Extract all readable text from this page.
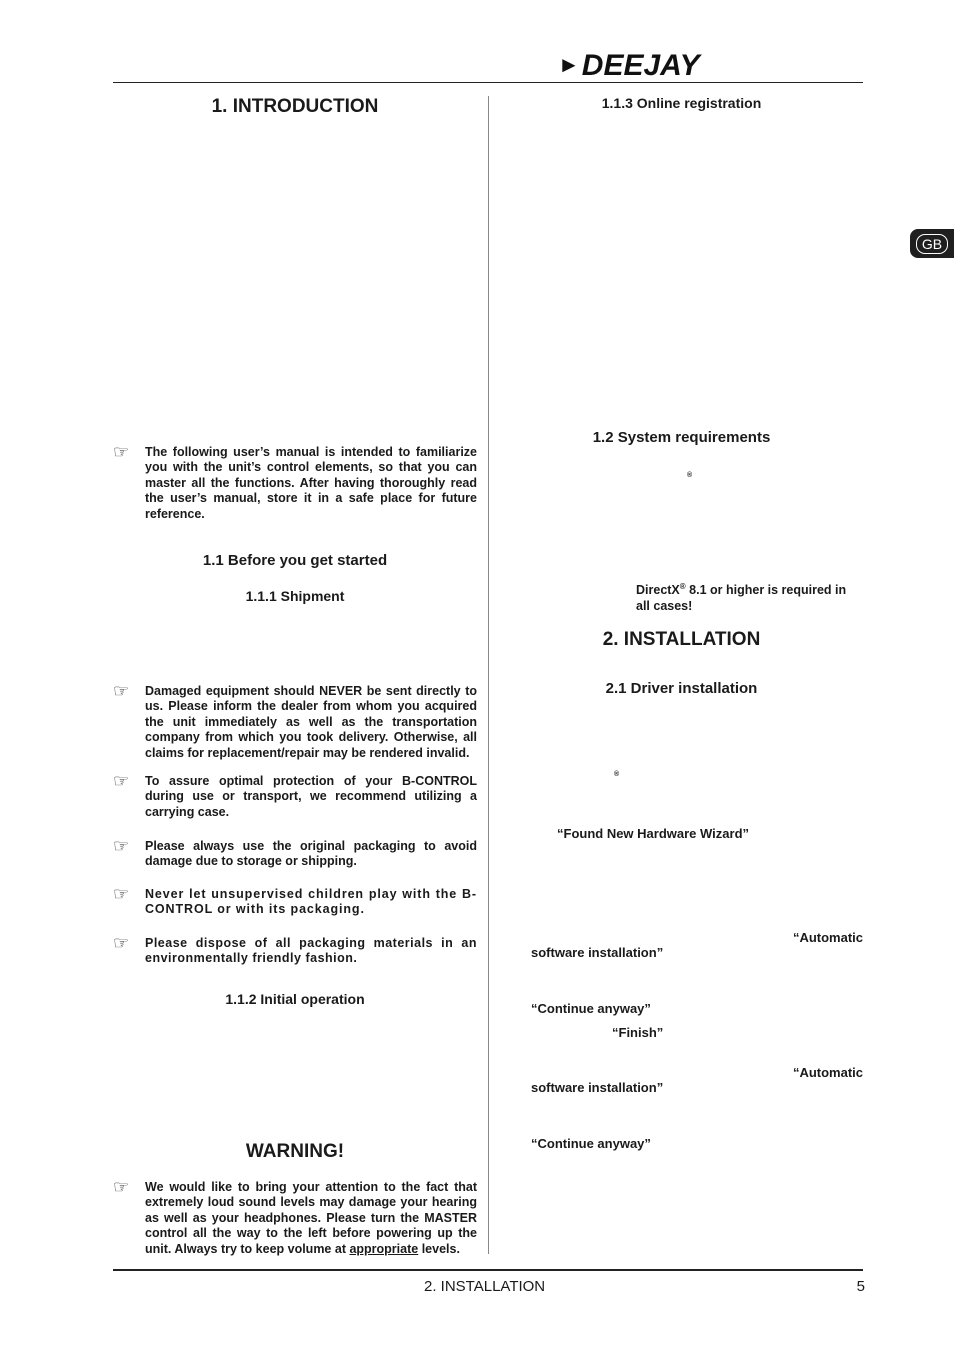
►DEEJAY
GB
1. INTRODUCTION
☞ The following user’s manual is intended to familiarize you with the unit’s control elements, so that you can master all the functions. After having thoroughly read the user’s manual, store it in a safe place for future reference.
1.1 Before you get started
1.1.1 Shipment
☞ Damaged equipment should NEVER be sent directly to us. Please inform the dealer from whom you acquired the unit immediately as well as the transportation company from which you took delivery. Otherwise, all claims for replacement/repair may be rendered invalid.
☞ To assure optimal protection of your B-CONTROL during use or transport, we recommend utilizing a carrying case.
☞ Please always use the original packaging to avoid damage due to storage or shipping.
☞ Never let unsupervised children play with the B-CONTROL or with its packaging.
☞ Please dispose of all packaging materials in an environmentally friendly fashion.
1.1.2 Initial operation
WARNING!
☞ We would like to bring your attention to the fact that extremely loud sound levels may damage your hearing as well as your headphones. Please turn the MASTER control all the way to the left before powering up the unit. Always try to keep volume at appropriate levels.
1.1.3 Online registration
1.2 System requirements
®
DirectX® 8.1 or higher is required in all cases!
2. INSTALLATION
2.1 Driver installation
®
“Found New Hardware Wizard”
“Automatic
software installation”
“Continue anyway”
“Finish”
“Automatic
software installation”
“Continue anyway”
2. INSTALLATION	5
